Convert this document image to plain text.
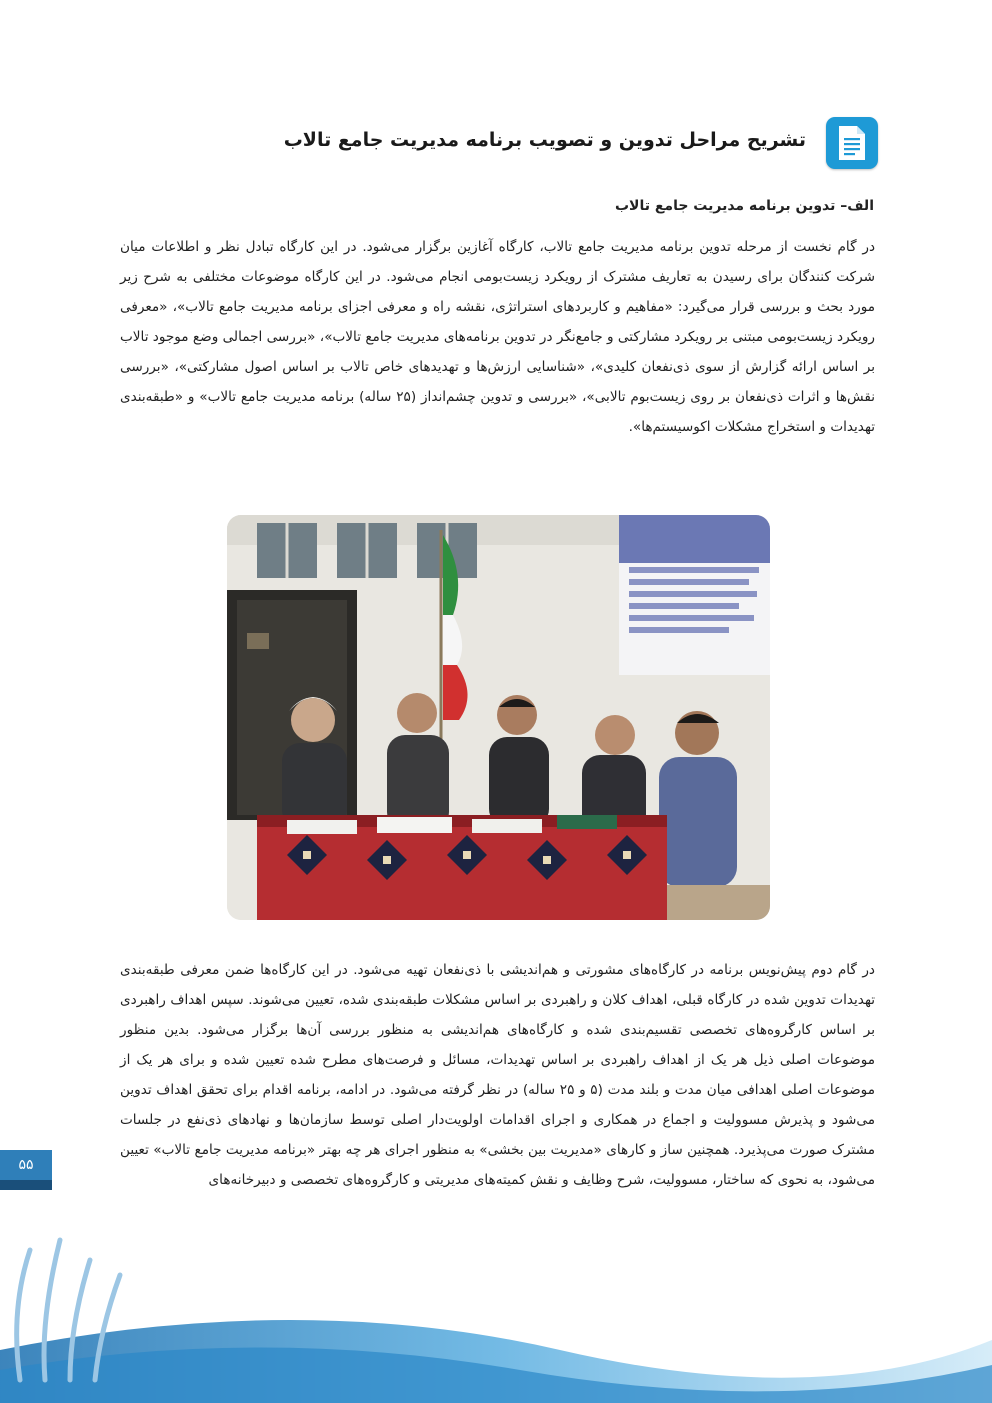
تشریح مراحل تدوین و تصویب برنامه مدیریت جامع تالاب
الف– تدوین برنامه مدیریت جامع تالاب

در گام نخست از مرحله تدوین برنامه مدیریت جامع تالاب، کارگاه آغازین برگزار می‌شود. در این کارگاه تبادل نظر و اطلاعات میان شرکت کنندگان برای رسیدن به تعاریف مشترک از رویکرد زیست‌بومی انجام می‌شود. در این کارگاه موضوعات مختلفی به شرح زیر مورد بحث و بررسی قرار می‌گیرد: «مفاهیم و کاربردهای استراتژی، نقشه راه و معرفی اجزای برنامه مدیریت جامع تالاب»، «معرفی رویکرد زیست‌بومی مبتنی بر رویکرد مشارکتی و جامع‌نگر در تدوین برنامه‌های مدیریت جامع تالاب»، «بررسی اجمالی وضع موجود تالاب بر اساس ارائه گزارش از سوی ذی‌نفعان کلیدی»، «شناسایی ارزش‌ها و تهدیدهای خاص تالاب بر اساس اصول مشارکتی»، «بررسی نقش‌ها و اثرات ذی‌نفعان بر روی زیست‌بوم تالابی»، «بررسی و تدوین چشم‌انداز (۲۵ ساله) برنامه مدیریت جامع تالاب» و «طبقه‌بندی تهدیدات و استخراج مشکلات اکوسیستم‌ها».

در گام دوم پیش‌نویس برنامه در کارگاه‌های مشورتی و هم‌اندیشی با ذی‌نفعان تهیه می‌شود. در این کارگاه‌ها ضمن معرفی طبقه‌بندی تهدیدات تدوین شده در کارگاه قبلی، اهداف کلان و راهبردی بر اساس مشکلات طبقه‌بندی شده، تعیین می‌شوند. سپس اهداف راهبردی بر اساس کارگروه‌های تخصصی تقسیم‌بندی شده و کارگاه‌های هم‌اندیشی به منظور بررسی آن‌ها برگزار می‌شود. بدین منظور موضوعات اصلی ذیل هر یک از اهداف راهبردی بر اساس تهدیدات، مسائل و فرصت‌های مطرح شده تعیین شده و برای هر یک از موضوعات اصلی اهدافی میان مدت و بلند مدت (۵ و ۲۵ ساله) در نظر گرفته می‌شود. در ادامه، برنامه اقدام برای تحقق اهداف تدوین می‌شود و پذیرش مسوولیت و اجماع در همکاری و اجرای اقدامات اولویت‌دار اصلی توسط سازمان‌ها و نهادهای ذی‌نفع در جلسات مشترک صورت می‌پذیرد. همچنین ساز و کارهای «مدیریت بین بخشی» به منظور اجرای هر چه بهتر «برنامه مدیریت جامع تالاب» تعیین می‌شود، به نحوی که ساختار، مسوولیت، شرح وظایف و نقش کمیته‌های مدیریتی و کارگروه‌های تخصصی و دبیرخانه‌های

۵۵
